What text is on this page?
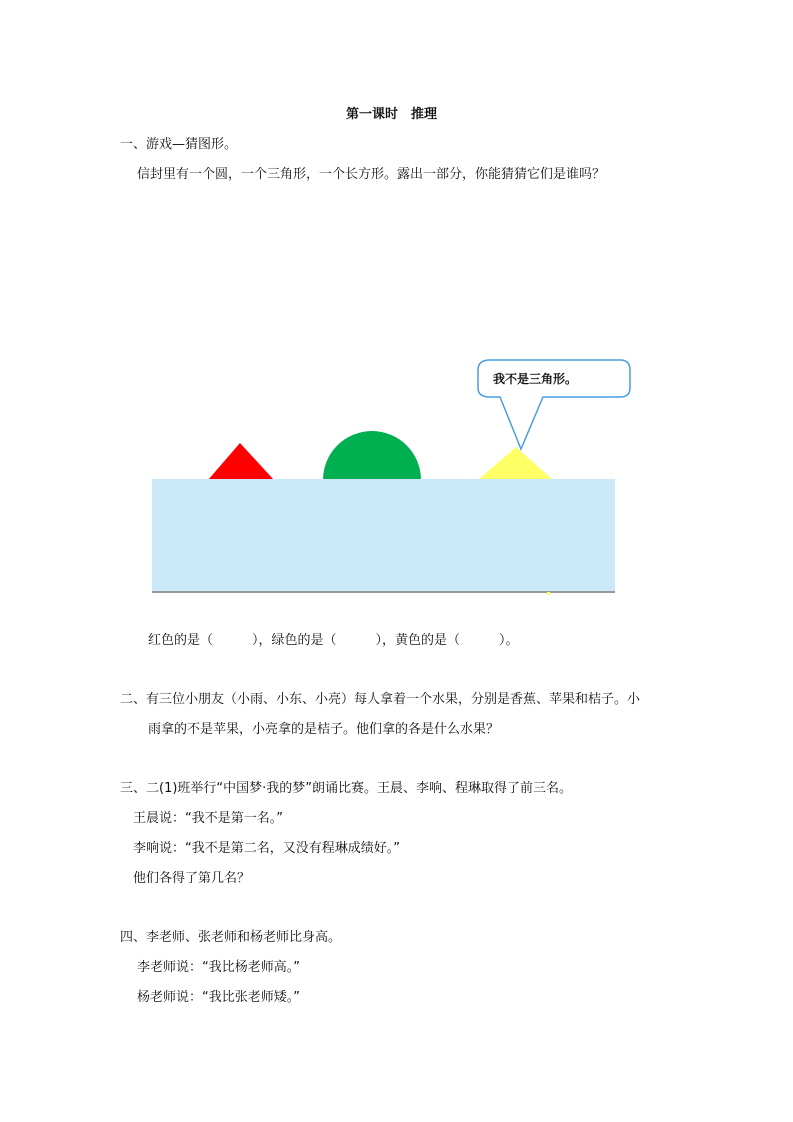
第一课时　推理
一、游戏—猜图形。
信封里有一个圆，一个三角形，一个长方形。露出一部分，你能猜猜它们是谁吗？
我不是三角形。
红色的是（　　　），绿色的是（　　　），黄色的是（　　　）。
二、有三位小朋友（小雨、小东、小亮）每人拿着一个水果，分别是香蕉、苹果和桔子。小
雨拿的不是苹果，小亮拿的是桔子。他们拿的各是什么水果？
三、二(1)班举行“中国梦·我的梦”朗诵比赛。王晨、李响、程琳取得了前三名。
王晨说：“我不是第一名。”
李响说：“我不是第二名，又没有程琳成绩好。”
他们各得了第几名？
四、李老师、张老师和杨老师比身高。
李老师说：“我比杨老师高。”
杨老师说：“我比张老师矮。”
